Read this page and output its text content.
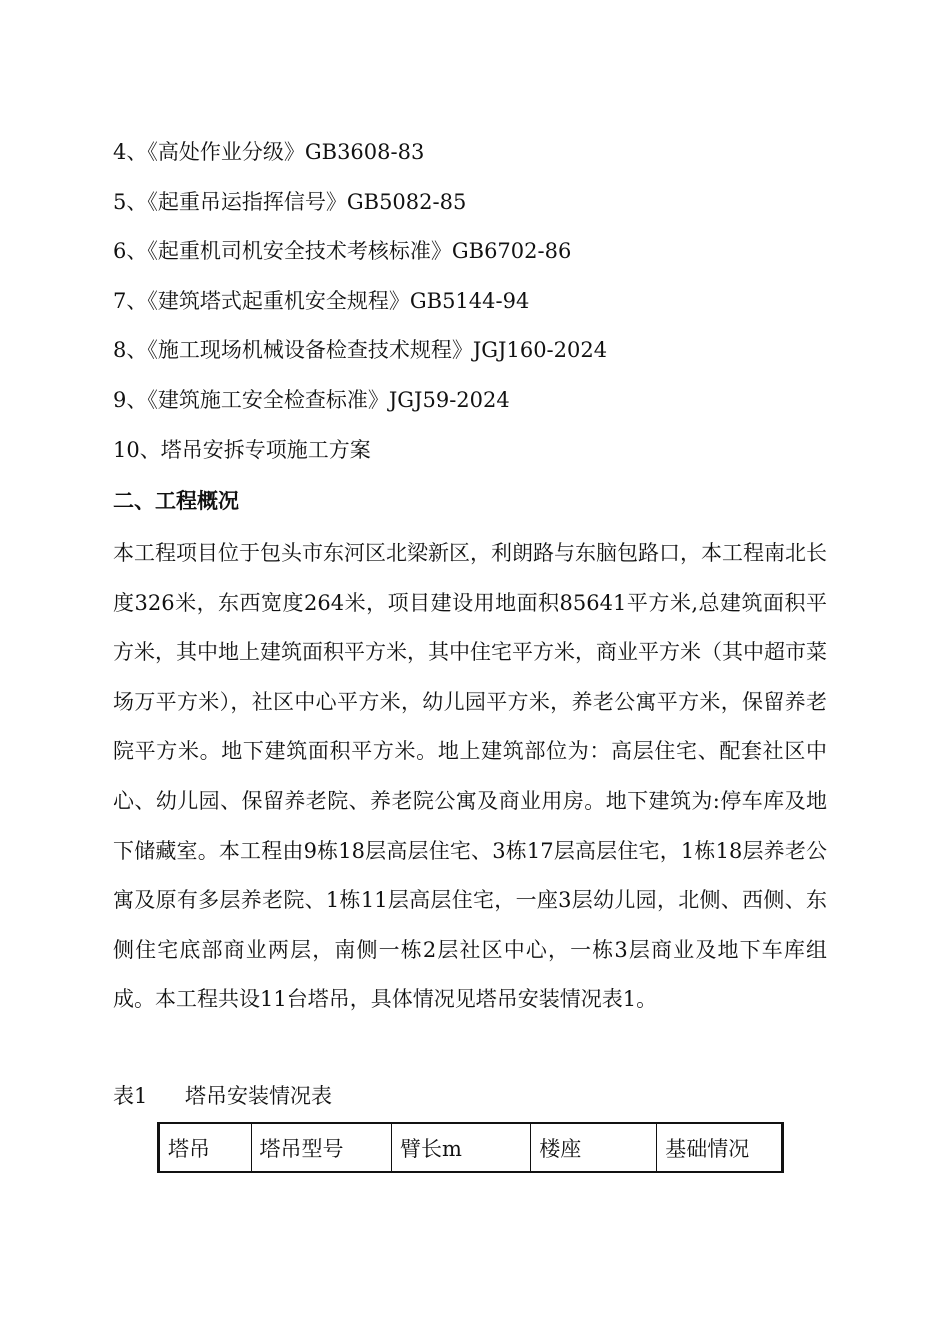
4、《高处作业分级》GB3608-83
5、《起重吊运指挥信号》GB5082-85
6、《起重机司机安全技术考核标准》GB6702-86
7、《建筑塔式起重机安全规程》GB5144-94
8、《施工现场机械设备检查技术规程》JGJ160-2024
9、《建筑施工安全检查标准》JGJ59-2024
10、塔吊安拆专项施工方案
二、工程概况

本工程项目位于包头市东河区北梁新区，利朗路与东脑包路口，本工程南北长度326米，东西宽度264米，项目建设用地面积85641平方米,总建筑面积平方米，其中地上建筑面积平方米，其中住宅平方米，商业平方米（其中超市菜场万平方米），社区中心平方米，幼儿园平方米，养老公寓平方米，保留养老院平方米。地下建筑面积平方米。地上建筑部位为：高层住宅、配套社区中心、幼儿园、保留养老院、养老院公寓及商业用房。地下建筑为:停车库及地下储藏室。本工程由9栋18层高层住宅、3栋17层高层住宅，1栋18层养老公寓及原有多层养老院、1栋11层高层住宅，一座3层幼儿园，北侧、西侧、东侧住宅底部商业两层，南侧一栋2层社区中心，一栋3层商业及地下车库组成。本工程共设11台塔吊，具体情况见塔吊安装情况表1。

表1 塔吊安装情况表

塔吊	塔吊型号	臂长m	楼座	基础情况
